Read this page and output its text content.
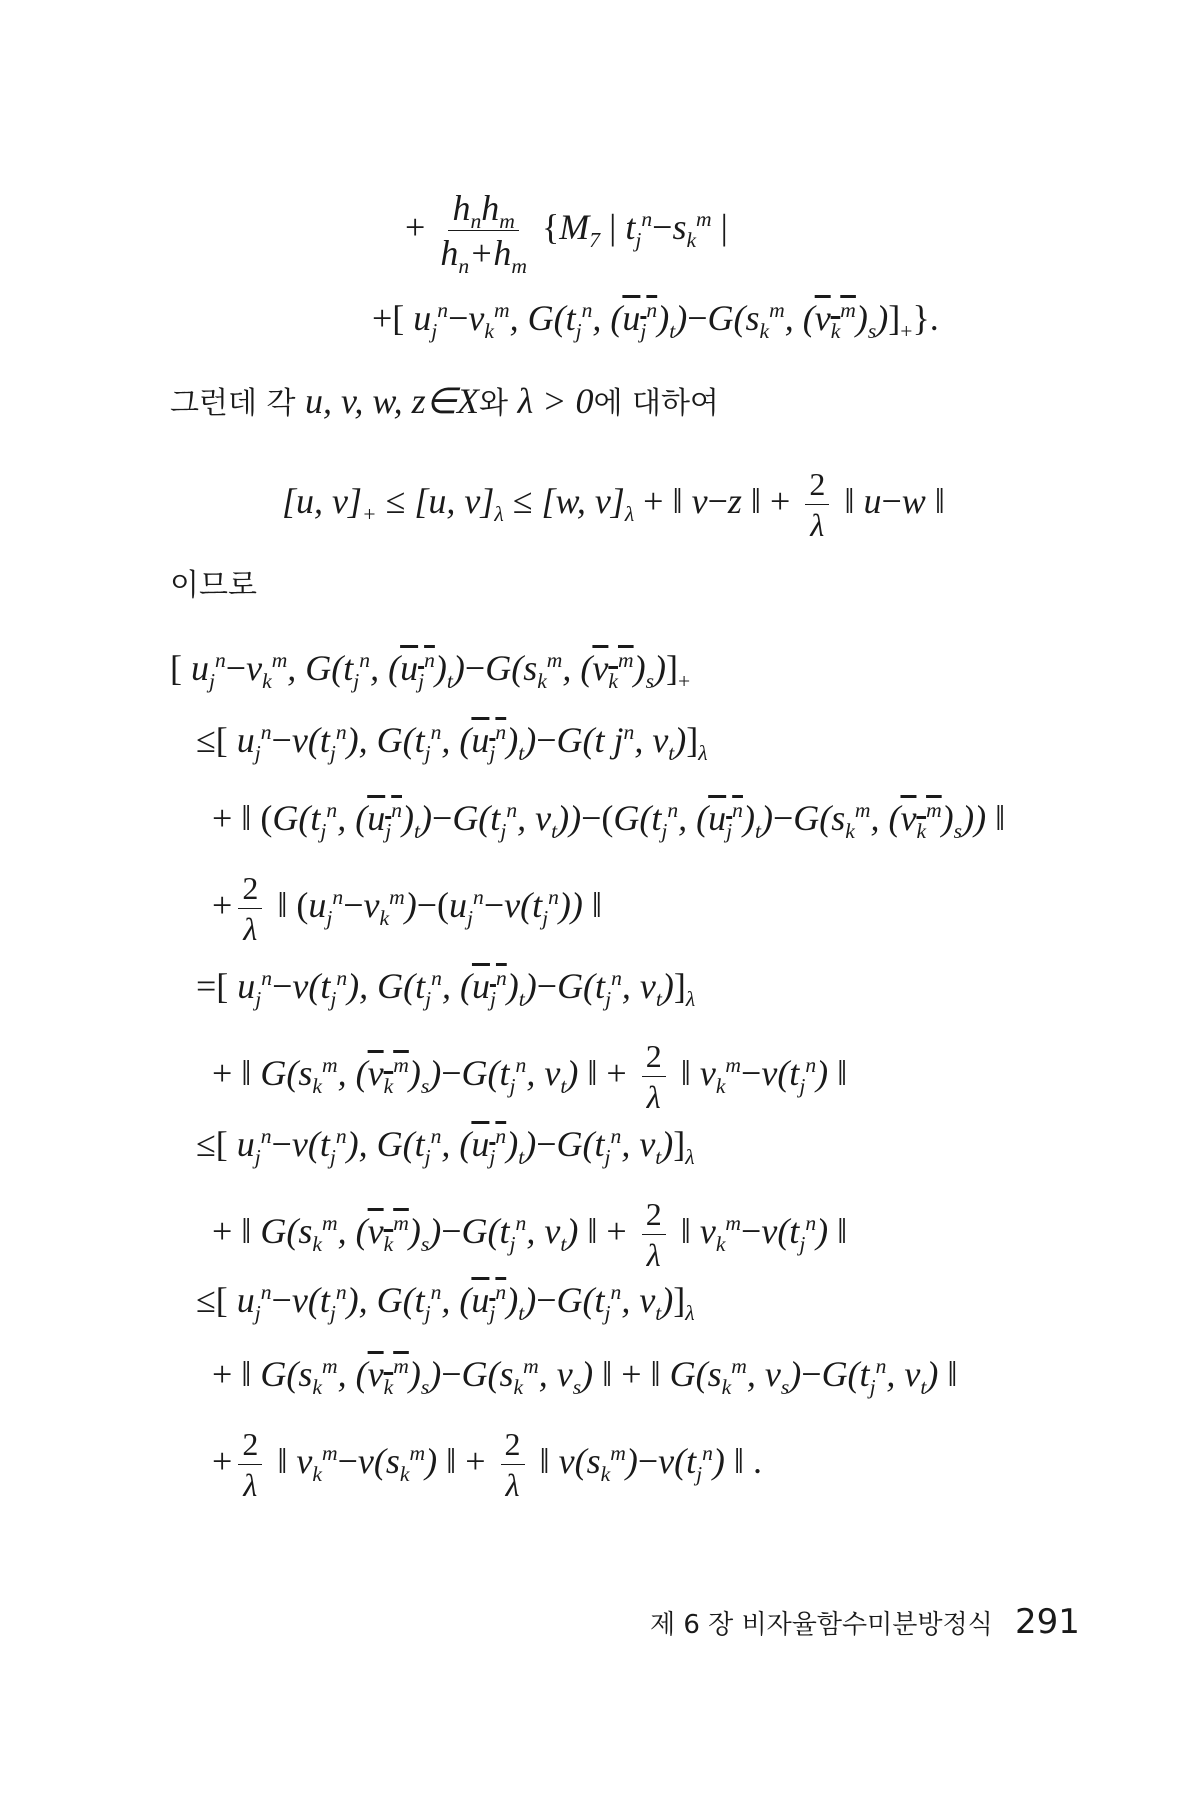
+ $\frac{h_nh_m}{h_n+h_m} \{M_7$ | $t_j^n-s_k^m$ |
+[ $u_j^n-v_k^m$, $G(t_j^n$, $(u_j^n)_t)-G(s_k^m$, $(v_k^m)_s)]_+$}.
그런데 각 u, v, w, z∈X와 λ > 0에 대하여
[u, $v]_+ \le [u$, $v]_\lambda \le [w$, $v]_\lambda$ + ‖ v−z ‖ + $\frac{2}{\lambda}$ ‖ u−w ‖
이므로
[ $u_j^n-v_k^m$, $G(t_j^n$, $(u_j^n)_t)-G(s_k^m$, $(v_k^m)_s)]_+$
≤[ $u_j^n-v(t_j^n)$, $G(t_j^n$, $(u_j^n)_t)-G(t$ $j^n$, $v_t)]_\lambda$
+ ‖ ($G(t_j^n$, $(u_j^n)_t)-G(t_j^n$, $v_t))-(G(t_j^n$, $(u_j^n)_t)-G(s_k^m$, $(v_k^m)_s$)) ‖
+ $\frac{2}{\lambda}$ ‖ $(u_j^n-v_k^m)-(u_j^n-v(t_j^n))$ ‖
=[ $u_j^n-v(t_j^n)$, $G(t_j^n$, $(u_j^n)_t)-G(t_j^n$, $v_t)]_\lambda$
+ ‖ $G(s_k^m$, $(v_k^m)_s)-G(t_j^n$, $v_t$) ‖ + $\frac{2}{\lambda}$ ‖ $v_k^m-v(t_j^n)$ ‖
≤[ $u_j^n-v(t_j^n)$, $G(t_j^n$, $(u_j^n)_t)-G(t_j^n$, $v_t)]_\lambda$
+ ‖ $G(s_k^m$, $(v_k^m)_s)-G(t_j^n$, $v_t$) ‖ + $\frac{2}{\lambda}$ ‖ $v_k^m-v(t_j^n)$ ‖
≤[ $u_j^n-v(t_j^n)$, $G(t_j^n$, $(u_j^n)_t)-G(t_j^n$, $v_t)]_\lambda$
+ ‖ $G(s_k^m$, $(v_k^m)_s)-G(s_k^m$, $v_s$) ‖ + ‖ $G(s_k^m$, $v_s)-G(t_j^n$, $v_t$) ‖
+ $\frac{2}{\lambda}$ ‖ $v_k^m-v(s_k^m)$ ‖ + $\frac{2}{\lambda}$ ‖ $v(s_k^m)-v(t_j^n)$ ‖ .
제 6 장 비자율함수미분방정식 291
